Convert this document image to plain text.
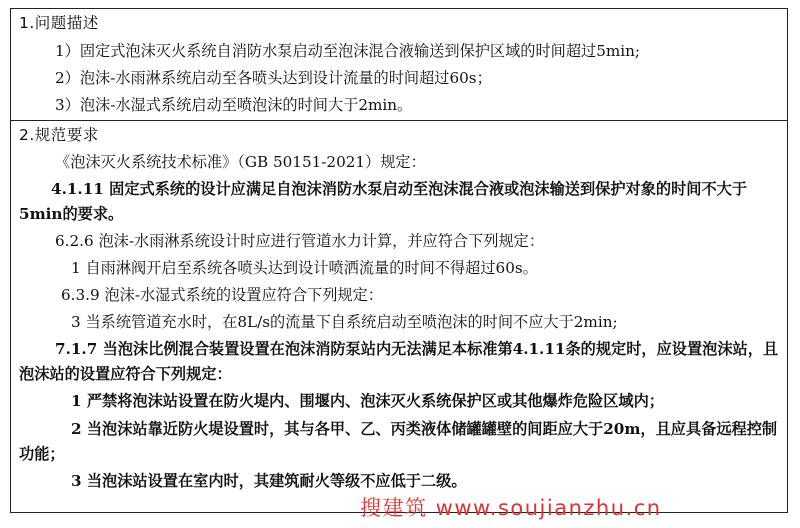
1.问题描述
1）固定式泡沫灭火系统自消防水泵启动至泡沫混合液输送到保护区域的时间超过5min;
2）泡沫-水雨淋系统启动至各喷头达到设计流量的时间超过60s；
3）泡沫-水湿式系统启动至喷泡沫的时间大于2min。
2.规范要求
《泡沫灭火系统技术标准》（GB 50151-2021）规定：
4.1.11 固定式系统的设计应满足自泡沫消防水泵启动至泡沫混合液或泡沫输送到保护对象的时间不大于 5min的要求。
6.2.6 泡沫-水雨淋系统设计时应进行管道水力计算，并应符合下列规定：
1 自雨淋阀开启至系统各喷头达到设计喷洒流量的时间不得超过60s。
6.3.9 泡沫-水湿式系统的设置应符合下列规定：
3 当系统管道充水时，在8L/s的流量下自系统启动至喷泡沫的时间不应大于2min;
7.1.7 当泡沫比例混合装置设置在泡沫消防泵站内无法满足本标准第4.1.11条的规定时，应设置泡沫站，且泡沫站的设置应符合下列规定：
1 严禁将泡沫站设置在防火堤内、围堰内、泡沫灭火系统保护区或其他爆炸危险区域内；
2 当泡沫站靠近防火堤设置时，其与各甲、乙、丙类液体储罐罐壁的间距应大于20m，且应具备远程控制功能；
3 当泡沫站设置在室内时，其建筑耐火等级不应低于二级。
搜建筑 www.soujianzhu.cn
